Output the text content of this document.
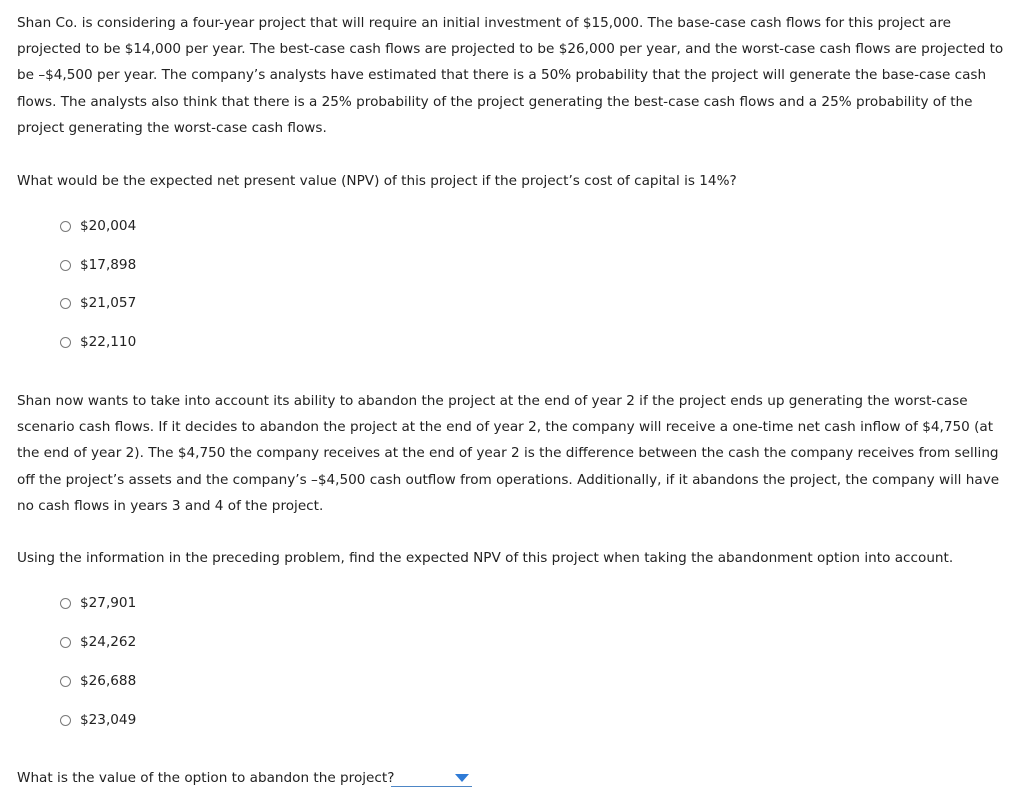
Shan Co. is considering a four-year project that will require an initial investment of $15,000. The base-case cash flows for this project are projected to be $14,000 per year. The best-case cash flows are projected to be $26,000 per year, and the worst-case cash flows are projected to be –$4,500 per year. The company’s analysts have estimated that there is a 50% probability that the project will generate the base-case cash flows. The analysts also think that there is a 25% probability of the project generating the best-case cash flows and a 25% probability of the project generating the worst-case cash flows.

What would be the expected net present value (NPV) of this project if the project’s cost of capital is 14%?

$20,004
$17,898
$21,057
$22,110

Shan now wants to take into account its ability to abandon the project at the end of year 2 if the project ends up generating the worst-case scenario cash flows. If it decides to abandon the project at the end of year 2, the company will receive a one-time net cash inflow of $4,750 (at the end of year 2). The $4,750 the company receives at the end of year 2 is the difference between the cash the company receives from selling off the project’s assets and the company’s –$4,500 cash outflow from operations. Additionally, if it abandons the project, the company will have no cash flows in years 3 and 4 of the project.

Using the information in the preceding problem, find the expected NPV of this project when taking the abandonment option into account.

$27,901
$24,262
$26,688
$23,049

What is the value of the option to abandon the project?
